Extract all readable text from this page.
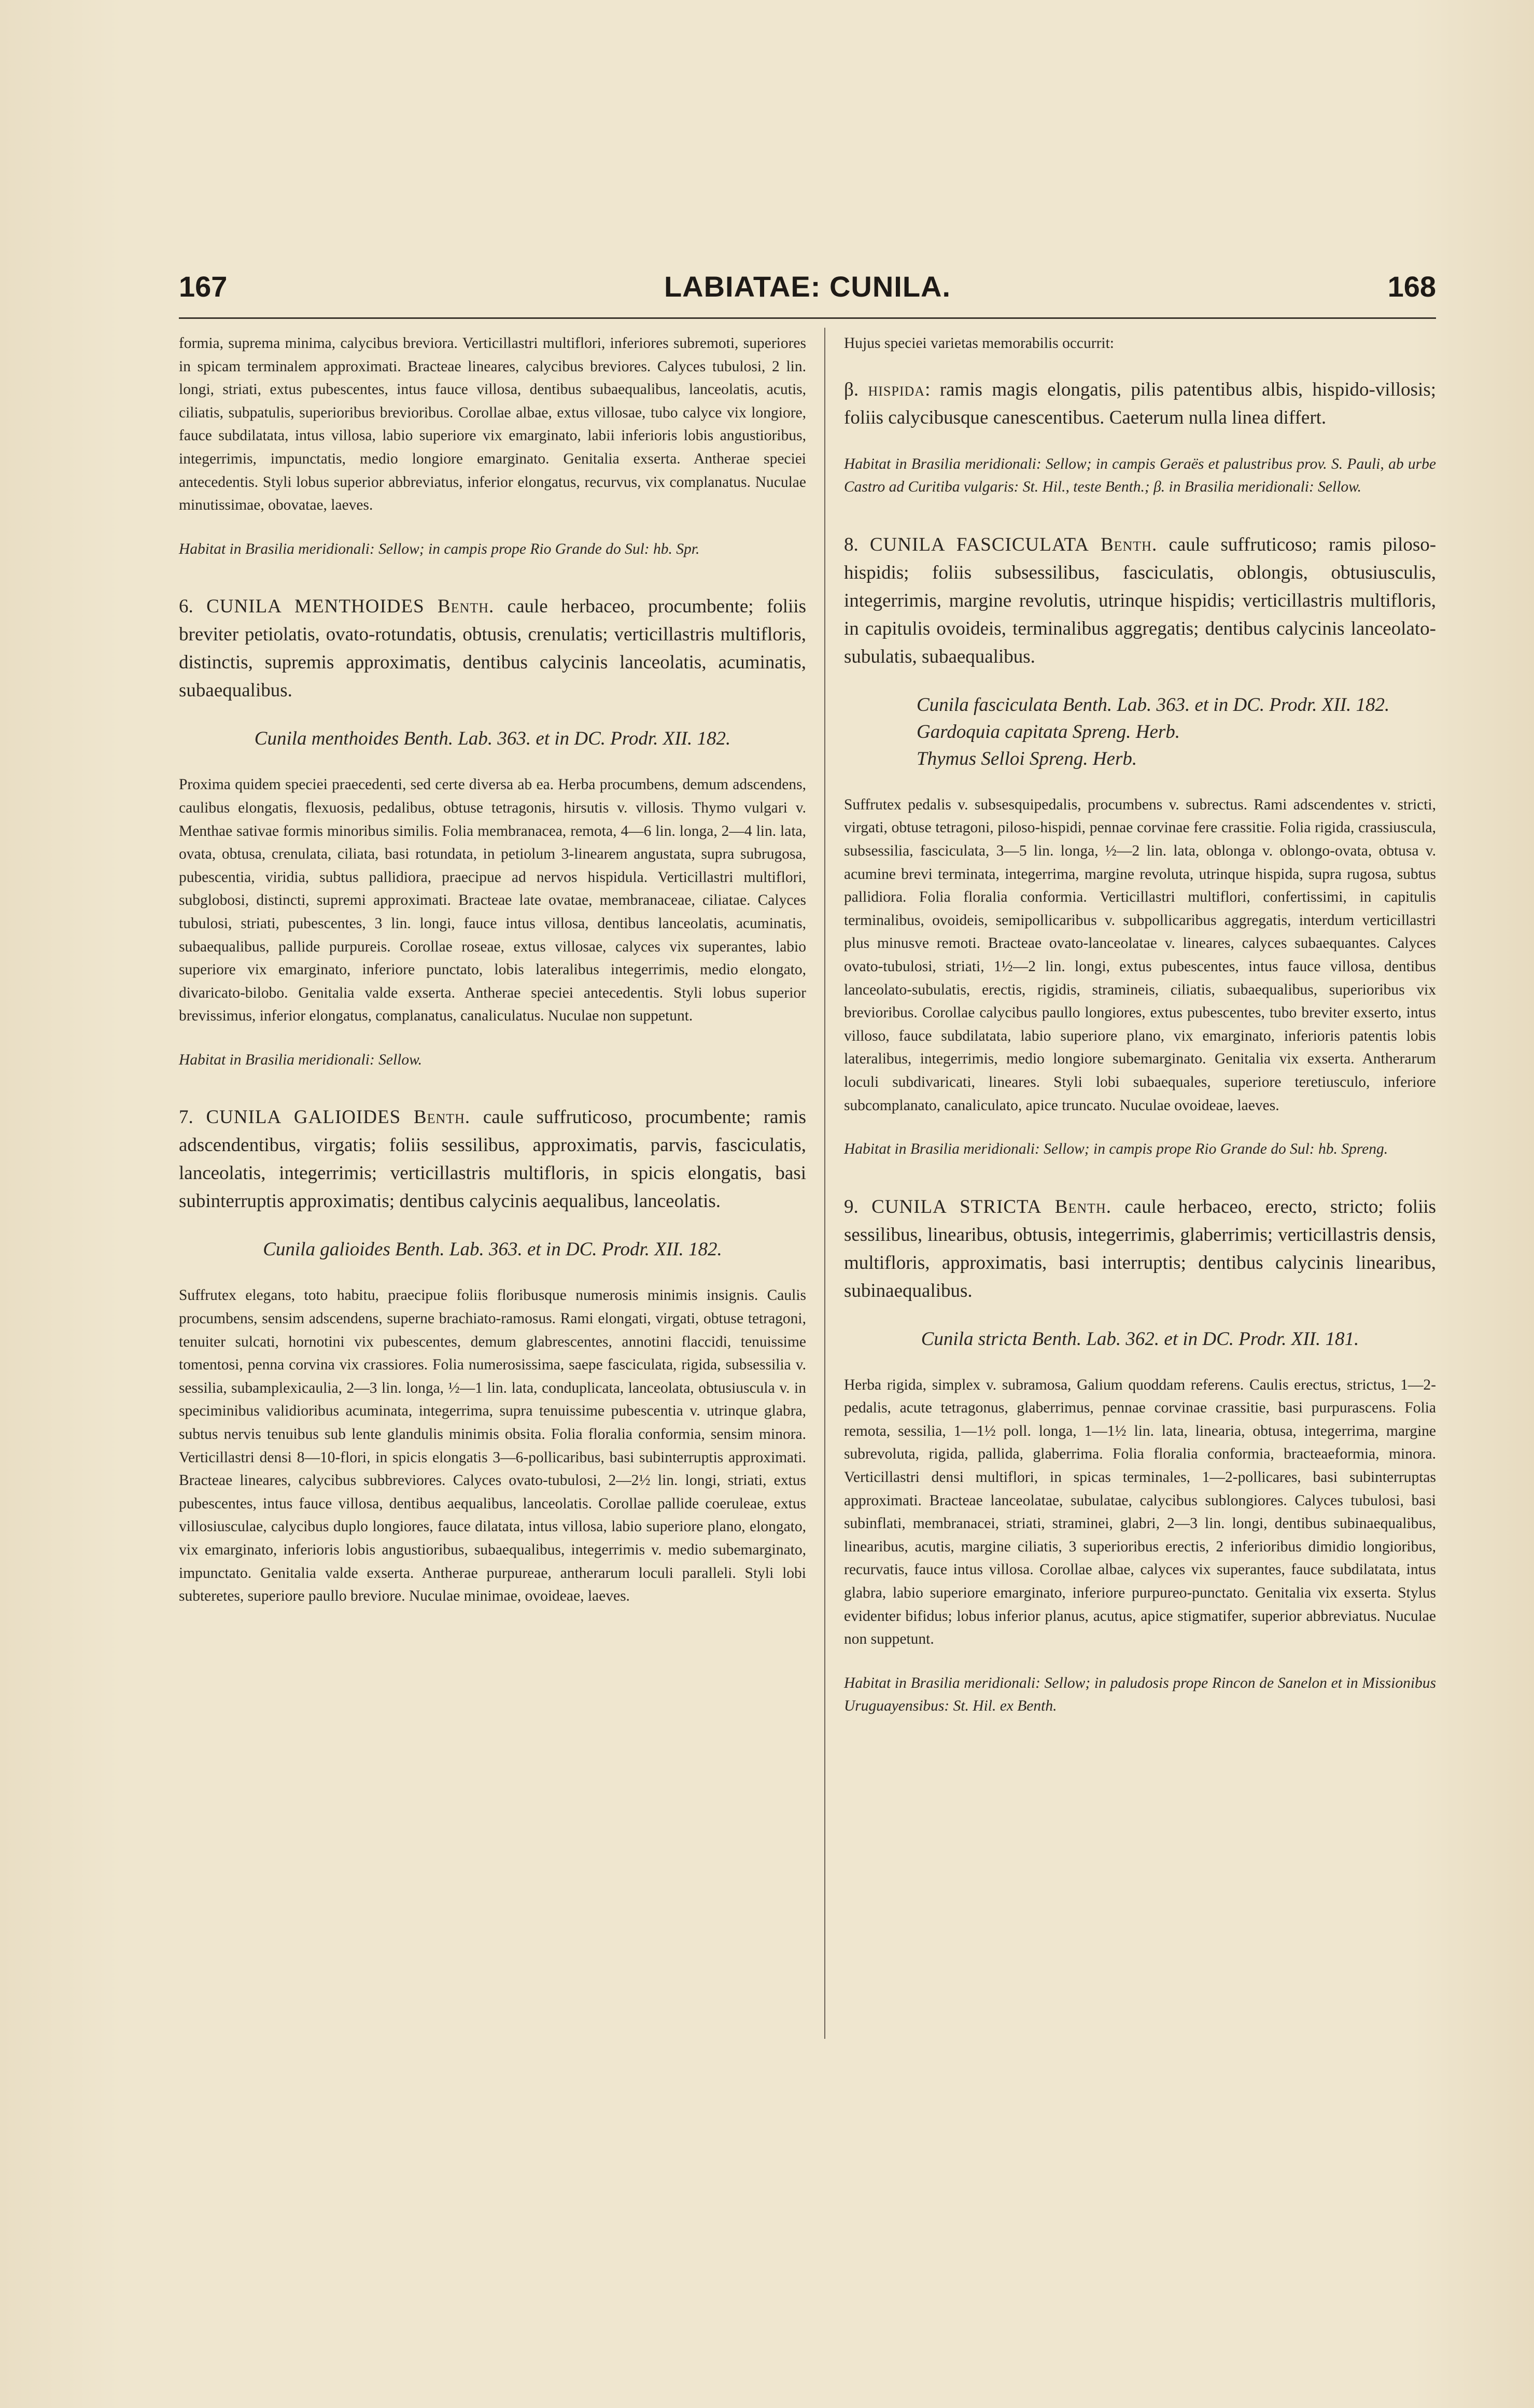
167	LABIATAE: CUNILA.	168

formia, suprema minima, calycibus breviora. Verticillastri multiflori, inferiores subremoti, superiores in spicam terminalem approximati. Bracteae lineares, calycibus breviores. Calyces tubulosi, 2 lin. longi, striati, extus pubescentes, intus fauce villosa, dentibus subaequalibus, lanceolatis, acutis, ciliatis, subpatulis, superioribus brevioribus. Corollae albae, extus villosae, tubo calyce vix longiore, fauce subdilatata, intus villosa, labio superiore vix emarginato, labii inferioris lobis angustioribus, integerrimis, impunctatis, medio longiore emarginato. Genitalia exserta. Antherae speciei antecedentis. Styli lobus superior abbreviatus, inferior elongatus, recurvus, vix complanatus. Nuculae minutissimae, obovatae, laeves.

Habitat in Brasilia meridionali: Sellow; in campis prope Rio Grande do Sul: hb. Spr.

6. CUNILA MENTHOIDES Benth. caule herbaceo, procumbente; foliis breviter petiolatis, ovato-rotundatis, obtusis, crenulatis; verticillastris multifloris, distinctis, supremis approximatis, dentibus calycinis lanceolatis, acuminatis, subaequalibus.

Cunila menthoides Benth. Lab. 363. et in DC. Prodr. XII. 182.

Proxima quidem speciei praecedenti, sed certe diversa ab ea. Herba procumbens, demum adscendens, caulibus elongatis, flexuosis, pedalibus, obtuse tetragonis, hirsutis v. villosis. Thymo vulgari v. Menthae sativae formis minoribus similis. Folia membranacea, remota, 4—6 lin. longa, 2—4 lin. lata, ovata, obtusa, crenulata, ciliata, basi rotundata, in petiolum 3-linearem angustata, supra subrugosa, pubescentia, viridia, subtus pallidiora, praecipue ad nervos hispidula. Verticillastri multiflori, subglobosi, distincti, supremi approximati. Bracteae late ovatae, membranaceae, ciliatae. Calyces tubulosi, striati, pubescentes, 3 lin. longi, fauce intus villosa, dentibus lanceolatis, acuminatis, subaequalibus, pallide purpureis. Corollae roseae, extus villosae, calyces vix superantes, labio superiore vix emarginato, inferiore punctato, lobis lateralibus integerrimis, medio elongato, divaricato-bilobo. Genitalia valde exserta. Antherae speciei antecedentis. Styli lobus superior brevissimus, inferior elongatus, complanatus, canaliculatus. Nuculae non suppetunt.

Habitat in Brasilia meridionali: Sellow.

7. CUNILA GALIOIDES Benth. caule suffruticoso, procumbente; ramis adscendentibus, virgatis; foliis sessilibus, approximatis, parvis, fasciculatis, lanceolatis, integerrimis; verticillastris multifloris, in spicis elongatis, basi subinterruptis approximatis; dentibus calycinis aequalibus, lanceolatis.

Cunila galioides Benth. Lab. 363. et in DC. Prodr. XII. 182.

Suffrutex elegans, toto habitu, praecipue foliis floribusque numerosis minimis insignis. Caulis procumbens, sensim adscendens, superne brachiato-ramosus. Rami elongati, virgati, obtuse tetragoni, tenuiter sulcati, hornotini vix pubescentes, demum glabrescentes, annotini flaccidi, tenuissime tomentosi, penna corvina vix crassiores. Folia numerosissima, saepe fasciculata, rigida, subsessilia v. sessilia, subamplexicaulia, 2—3 lin. longa, ½—1 lin. lata, conduplicata, lanceolata, obtusiuscula v. in speciminibus validioribus acuminata, integerrima, supra tenuissime pubescentia v. utrinque glabra, subtus nervis tenuibus sub lente glandulis minimis obsita. Folia floralia conformia, sensim minora. Verticillastri densi 8—10-flori, in spicis elongatis 3—6-pollicaribus, basi subinterruptis approximati. Bracteae lineares, calycibus subbreviores. Calyces ovato-tubulosi, 2—2½ lin. longi, striati, extus pubescentes, intus fauce villosa, dentibus aequalibus, lanceolatis. Corollae pallide coeruleae, extus villosiusculae, calycibus duplo longiores, fauce dilatata, intus villosa, labio superiore plano, elongato, vix emarginato, inferioris lobis angustioribus, subaequalibus, integerrimis v. medio subemarginato, impunctato. Genitalia valde exserta. Antherae purpureae, antherarum loculi paralleli. Styli lobi subteretes, superiore paullo breviore. Nuculae minimae, ovoideae, laeves.

Hujus speciei varietas memorabilis occurrit:

β. hispida: ramis magis elongatis, pilis patentibus albis, hispido-villosis; foliis calycibusque canescentibus. Caeterum nulla linea differt.

Habitat in Brasilia meridionali: Sellow; in campis Geraës et palustribus prov. S. Pauli, ab urbe Castro ad Curitiba vulgaris: St. Hil., teste Benth.; β. in Brasilia meridionali: Sellow.

8. CUNILA FASCICULATA Benth. caule suffruticoso; ramis piloso-hispidis; foliis subsessilibus, fasciculatis, oblongis, obtusiusculis, integerrimis, margine revolutis, utrinque hispidis; verticillastris multifloris, in capitulis ovoideis, terminalibus aggregatis; dentibus calycinis lanceolato-subulatis, subaequalibus.

Cunila fasciculata Benth. Lab. 363. et in DC. Prodr. XII. 182.

Gardoquia capitata Spreng. Herb.

Thymus Selloi Spreng. Herb.

Suffrutex pedalis v. subsesquipedalis, procumbens v. subrectus. Rami adscendentes v. stricti, virgati, obtuse tetragoni, piloso-hispidi, pennae corvinae fere crassitie. Folia rigida, crassiuscula, subsessilia, fasciculata, 3—5 lin. longa, ½—2 lin. lata, oblonga v. oblongo-ovata, obtusa v. acumine brevi terminata, integerrima, margine revoluta, utrinque hispida, supra rugosa, subtus pallidiora. Folia floralia conformia. Verticillastri multiflori, confertissimi, in capitulis terminalibus, ovoideis, semipollicaribus v. subpollicaribus aggregatis, interdum verticillastri plus minusve remoti. Bracteae ovato-lanceolatae v. lineares, calyces subaequantes. Calyces ovato-tubulosi, striati, 1½—2 lin. longi, extus pubescentes, intus fauce villosa, dentibus lanceolato-subulatis, erectis, rigidis, stramineis, ciliatis, subaequalibus, superioribus vix brevioribus. Corollae calycibus paullo longiores, extus pubescentes, tubo breviter exserto, intus villoso, fauce subdilatata, labio superiore plano, vix emarginato, inferioris patentis lobis lateralibus, integerrimis, medio longiore subemarginato. Genitalia vix exserta. Antherarum loculi subdivaricati, lineares. Styli lobi subaequales, superiore teretiusculo, inferiore subcomplanato, canaliculato, apice truncato. Nuculae ovoideae, laeves.

Habitat in Brasilia meridionali: Sellow; in campis prope Rio Grande do Sul: hb. Spreng.

9. CUNILA STRICTA Benth. caule herbaceo, erecto, stricto; foliis sessilibus, linearibus, obtusis, integerrimis, glaberrimis; verticillastris densis, multifloris, approximatis, basi interruptis; dentibus calycinis linearibus, subinaequalibus.

Cunila stricta Benth. Lab. 362. et in DC. Prodr. XII. 181.

Herba rigida, simplex v. subramosa, Galium quoddam referens. Caulis erectus, strictus, 1—2-pedalis, acute tetragonus, glaberrimus, pennae corvinae crassitie, basi purpurascens. Folia remota, sessilia, 1—1½ poll. longa, 1—1½ lin. lata, linearia, obtusa, integerrima, margine subrevoluta, rigida, pallida, glaberrima. Folia floralia conformia, bracteaeformia, minora. Verticillastri densi multiflori, in spicas terminales, 1—2-pollicares, basi subinterruptas approximati. Bracteae lanceolatae, subulatae, calycibus sublongiores. Calyces tubulosi, basi subinflati, membranacei, striati, straminei, glabri, 2—3 lin. longi, dentibus subinaequalibus, linearibus, acutis, margine ciliatis, 3 superioribus erectis, 2 inferioribus dimidio longioribus, recurvatis, fauce intus villosa. Corollae albae, calyces vix superantes, fauce subdilatata, intus glabra, labio superiore emarginato, inferiore purpureo-punctato. Genitalia vix exserta. Stylus evidenter bifidus; lobus inferior planus, acutus, apice stigmatifer, superior abbreviatus. Nuculae non suppetunt.

Habitat in Brasilia meridionali: Sellow; in paludosis prope Rincon de Sanelon et in Missionibus Uruguayensibus: St. Hil. ex Benth.
